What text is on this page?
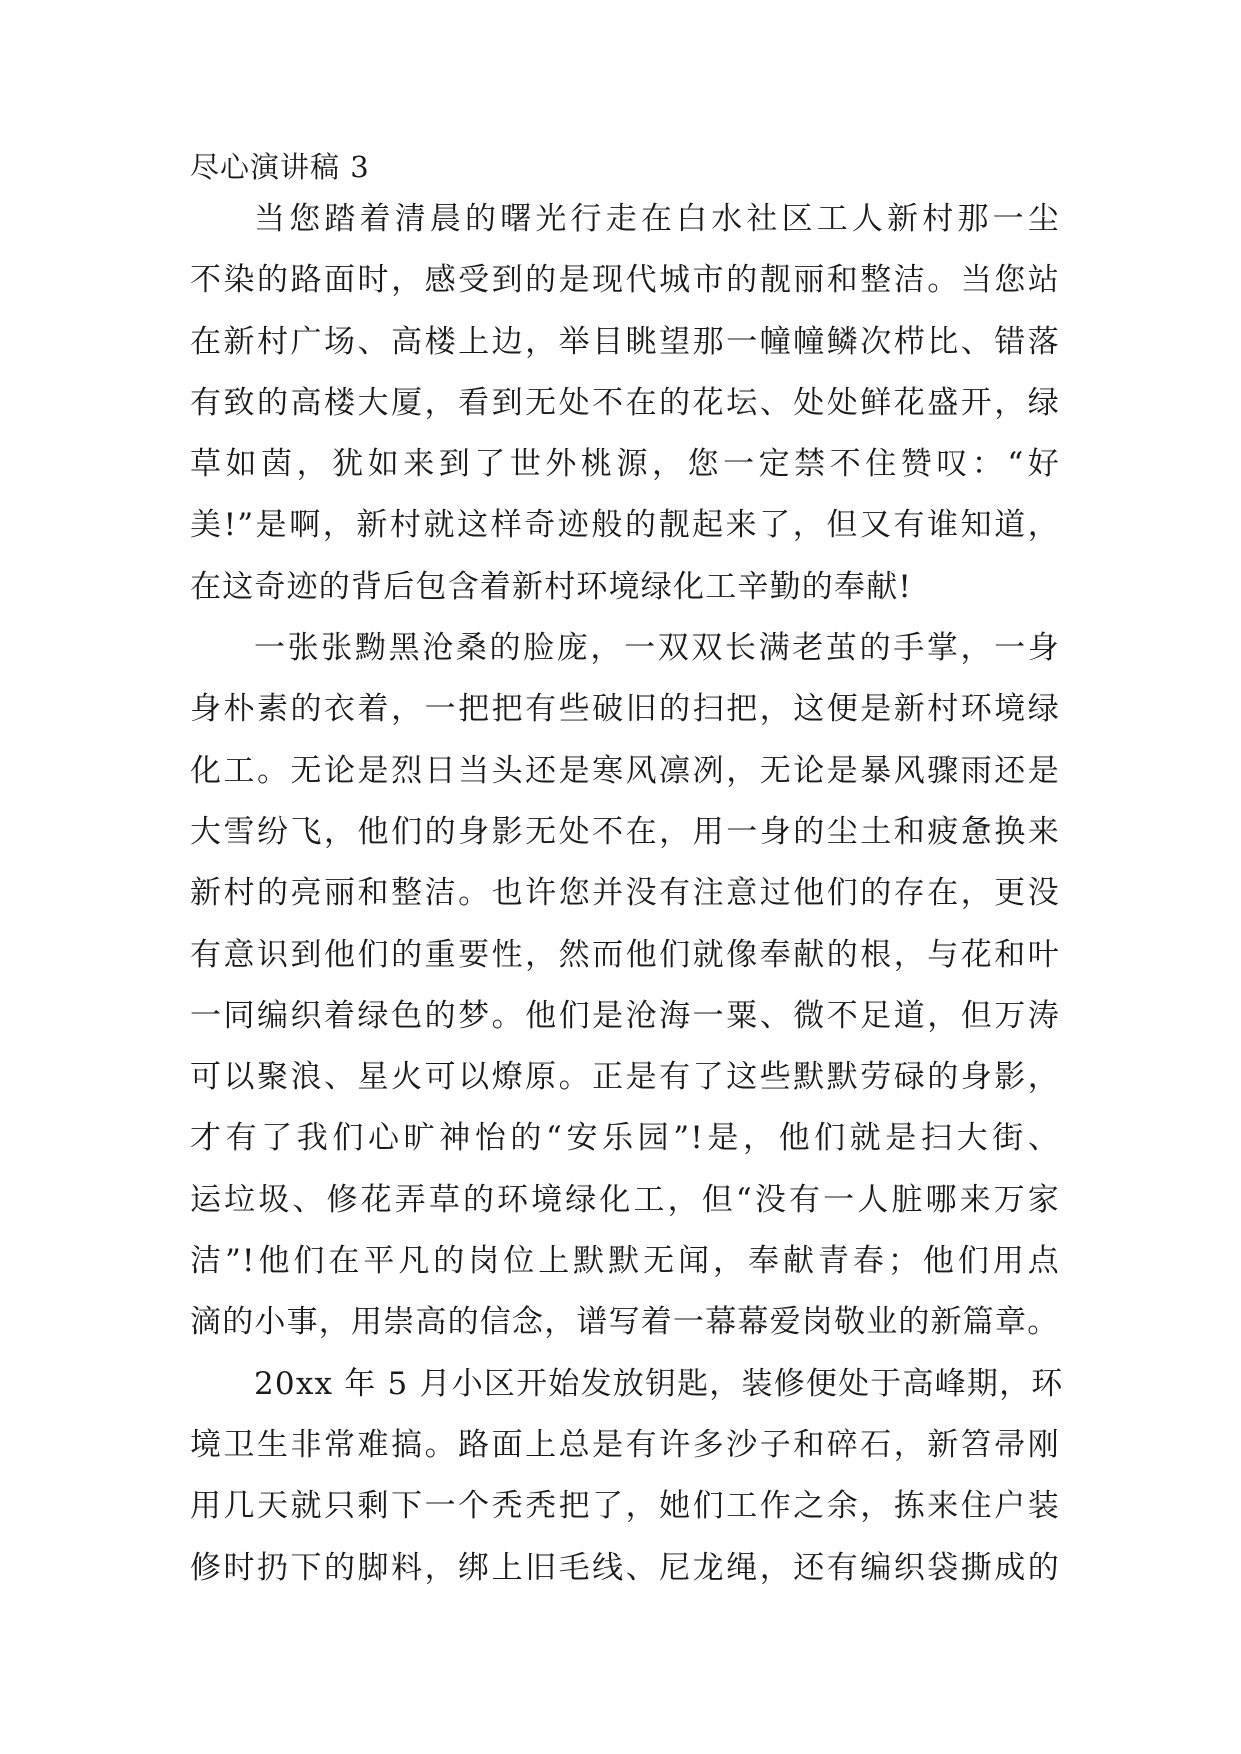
尽心演讲稿 3

当您踏着清晨的曙光行走在白水社区工人新村那一尘
不染的路面时，感受到的是现代城市的靓丽和整洁。当您站
在新村广场、高楼上边，举目眺望那一幢幢鳞次栉比、错落
有致的高楼大厦，看到无处不在的花坛、处处鲜花盛开，绿
草如茵，犹如来到了世外桃源，您一定禁不住赞叹：“好
美!”是啊，新村就这样奇迹般的靓起来了，但又有谁知道，
在这奇迹的背后包含着新村环境绿化工辛勤的奉献!

一张张黝黑沧桑的脸庞，一双双长满老茧的手掌，一身
身朴素的衣着，一把把有些破旧的扫把，这便是新村环境绿
化工。无论是烈日当头还是寒风凛冽，无论是暴风骤雨还是
大雪纷飞，他们的身影无处不在，用一身的尘土和疲惫换来
新村的亮丽和整洁。也许您并没有注意过他们的存在，更没
有意识到他们的重要性，然而他们就像奉献的根，与花和叶
一同编织着绿色的梦。他们是沧海一粟、微不足道，但万涛
可以聚浪、星火可以燎原。正是有了这些默默劳碌的身影，
才有了我们心旷神怡的“安乐园”!是，他们就是扫大街、
运垃圾、修花弄草的环境绿化工，但“没有一人脏哪来万家
洁”!他们在平凡的岗位上默默无闻，奉献青春；他们用点
滴的小事，用崇高的信念，谱写着一幕幕爱岗敬业的新篇章。

20xx 年 5 月小区开始发放钥匙，装修便处于高峰期，环
境卫生非常难搞。路面上总是有许多沙子和碎石，新笤帚刚
用几天就只剩下一个秃秃把了，她们工作之余，拣来住户装
修时扔下的脚料，绑上旧毛线、尼龙绳，还有编织袋撕成的
